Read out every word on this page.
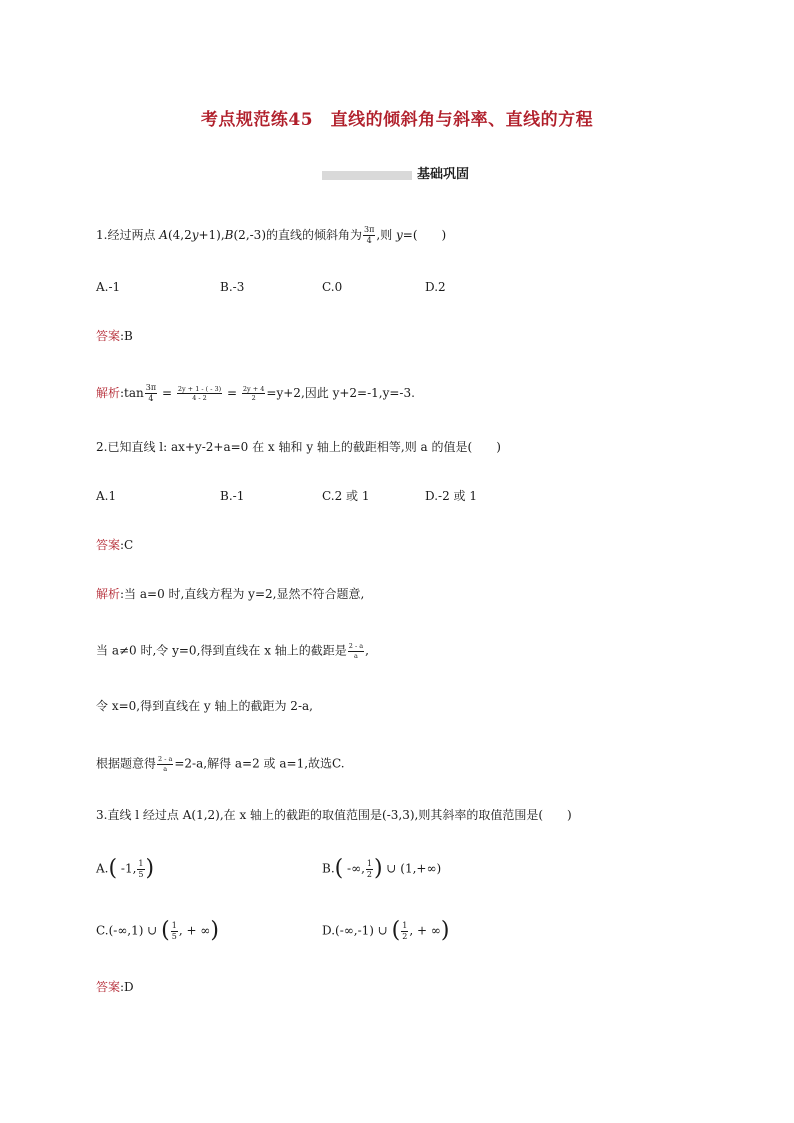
考点规范练45　直线的倾斜角与斜率、直线的方程
基础巩固
1.经过两点 A(4,2y+1),B(2,-3)的直线的倾斜角为 $\frac{3\pi}{4}$ ,则 y=(　　)
A.-1	B.-3	C.0	D.2
答案:B
解析:tan $\frac{3\pi}{4} = \frac{2y + 1 - ( - 3)}{4 - 2} = \frac{2y + 4}{2} =y+2$,因此 y+2=-1,y=-3.
2.已知直线 l: ax+y-2+a=0 在 x 轴和 y 轴上的截距相等,则 a 的值是(　　)
A.1	B.-1	C.2 或 1	D.-2 或 1
答案:C
解析:当 a=0 时,直线方程为 y=2,显然不符合题意,
当 a≠0 时,令 y=0,得到直线在 x 轴上的截距是 $\frac{2 - a}{a}$ ,
令 x=0,得到直线在 y 轴上的截距为 2-a,
根据题意得 $\frac{2 - a}{a} =2-a$,解得 a=2 或 a=1,故选C.
3.直线 l 经过点 A(1,2),在 x 轴上的截距的取值范围是(-3,3),则其斜率的取值范围是(　　)
A.( -1, $\frac{1}{5}$ )	B.( -∞, $\frac{1}{2}$ ) ∪ (1,+∞)
C.(-∞,1) ∪ ( $\frac{1}{5}$ , + ∞)	D.(-∞,-1) ∪ ( $\frac{1}{2}$ , + ∞)
答案:D
